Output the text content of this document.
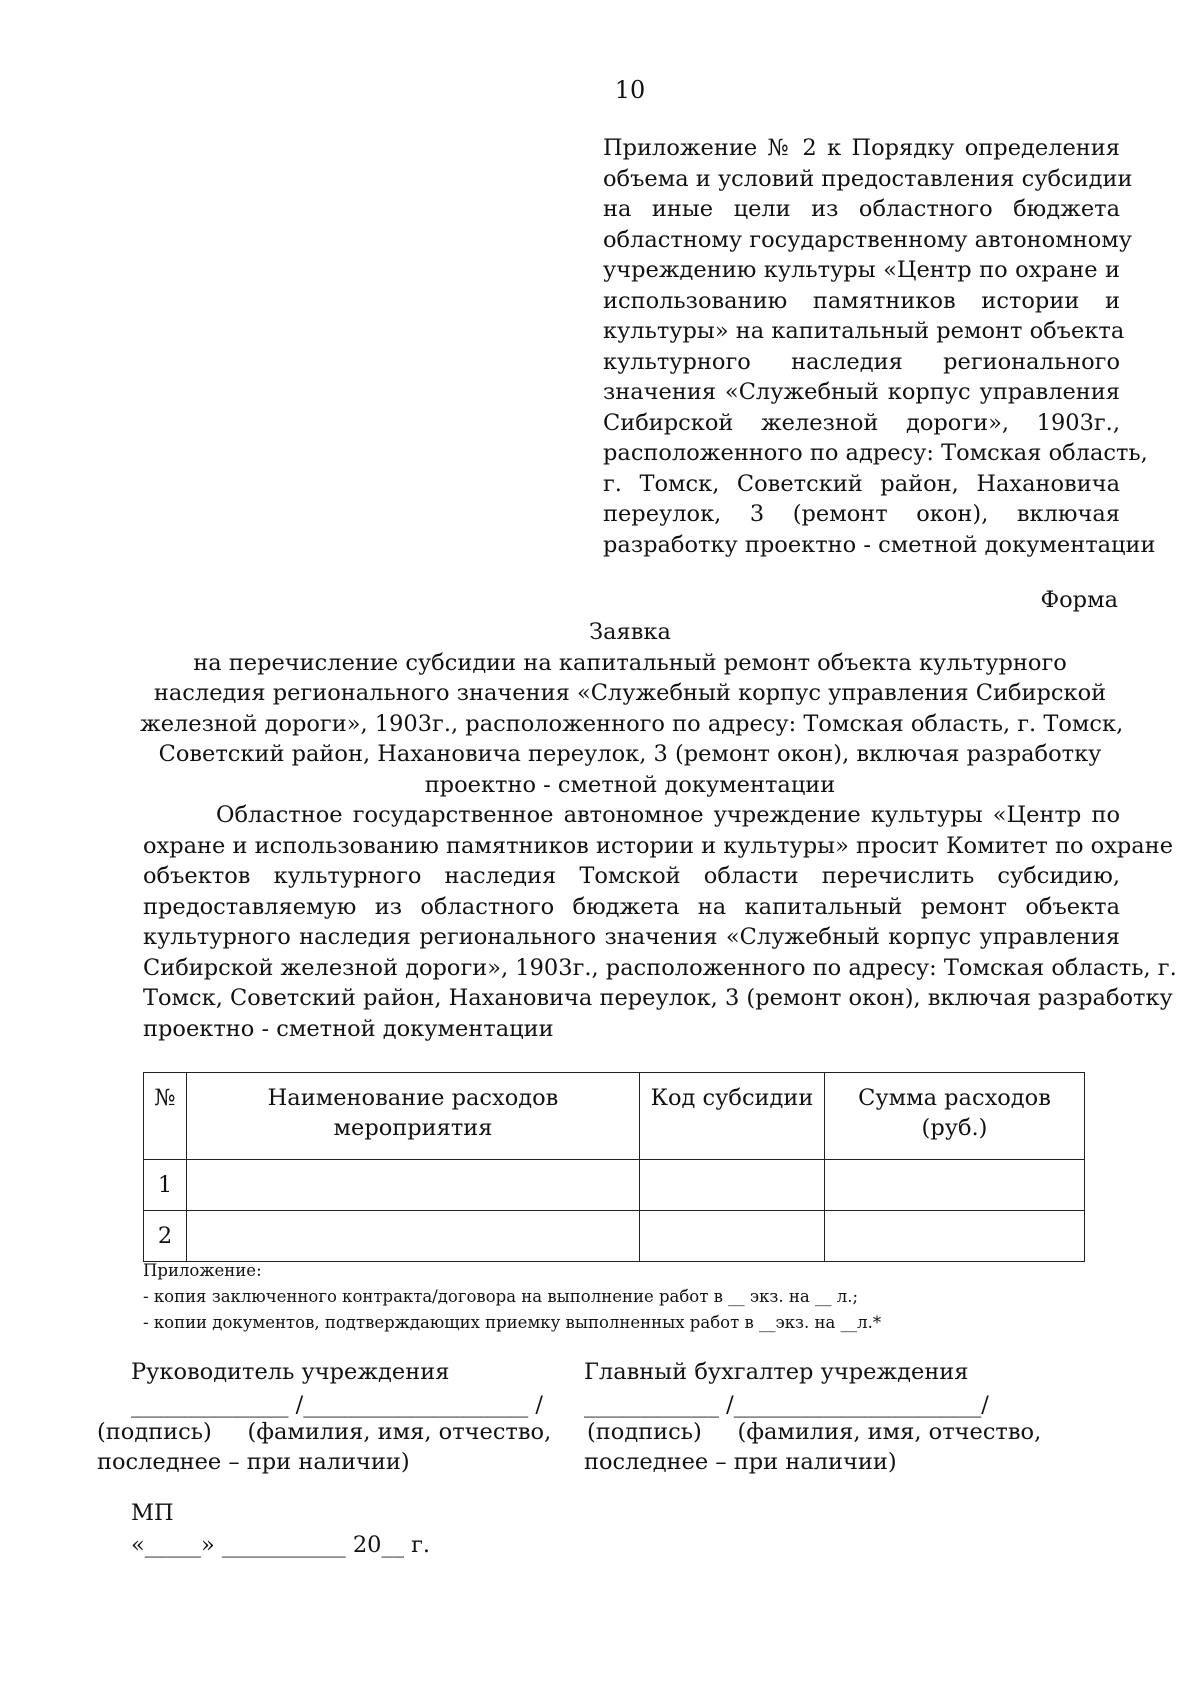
10
Приложение № 2 к Порядку определения
объема и условий предоставления субсидии
на иные цели из областного бюджета
областному государственному автономному
учреждению культуры «Центр по охране и
использованию памятников истории и
культуры» на капитальный ремонт объекта
культурного наследия регионального
значения «Служебный корпус управления
Сибирской железной дороги», 1903г.,
расположенного по адресу: Томская область,
г. Томск, Советский район, Нахановича
переулок, 3 (ремонт окон), включая
разработку проектно - сметной документации
Форма
Заявка
на перечисление субсидии на капитальный ремонт объекта культурного
наследия регионального значения «Служебный корпус управления Сибирской
железной дороги», 1903г., расположенного по адресу: Томская область, г. Томск,
Советский район, Нахановича переулок, 3 (ремонт окон), включая разработку
проектно - сметной документации
Областное государственное автономное учреждение культуры «Центр по
охране и использованию памятников истории и культуры» просит Комитет по охране
объектов культурного наследия Томской области перечислить субсидию,
предоставляемую из областного бюджета на капитальный ремонт объекта
культурного наследия регионального значения «Служебный корпус управления
Сибирской железной дороги», 1903г., расположенного по адресу: Томская область, г.
Томск, Советский район, Нахановича переулок, 3 (ремонт окон), включая разработку
проектно - сметной документации
№	Наименование расходов мероприятия	Код субсидии	Сумма расходов (руб.)
1			
2			
Приложение:
- копия заключенного контракта/договора на выполнение работ в __ экз. на __ л.;
- копии документов, подтверждающих приемку выполненных работ в __экз. на __л.*
Руководитель учреждения
______________ /____________________ /
(подпись)     (фамилия, имя, отчество,
последнее – при наличии)
Главный бухгалтер учреждения
____________ /______________________/
(подпись)     (фамилия, имя, отчество,
последнее – при наличии)
МП
«_____» ___________ 20__ г.
